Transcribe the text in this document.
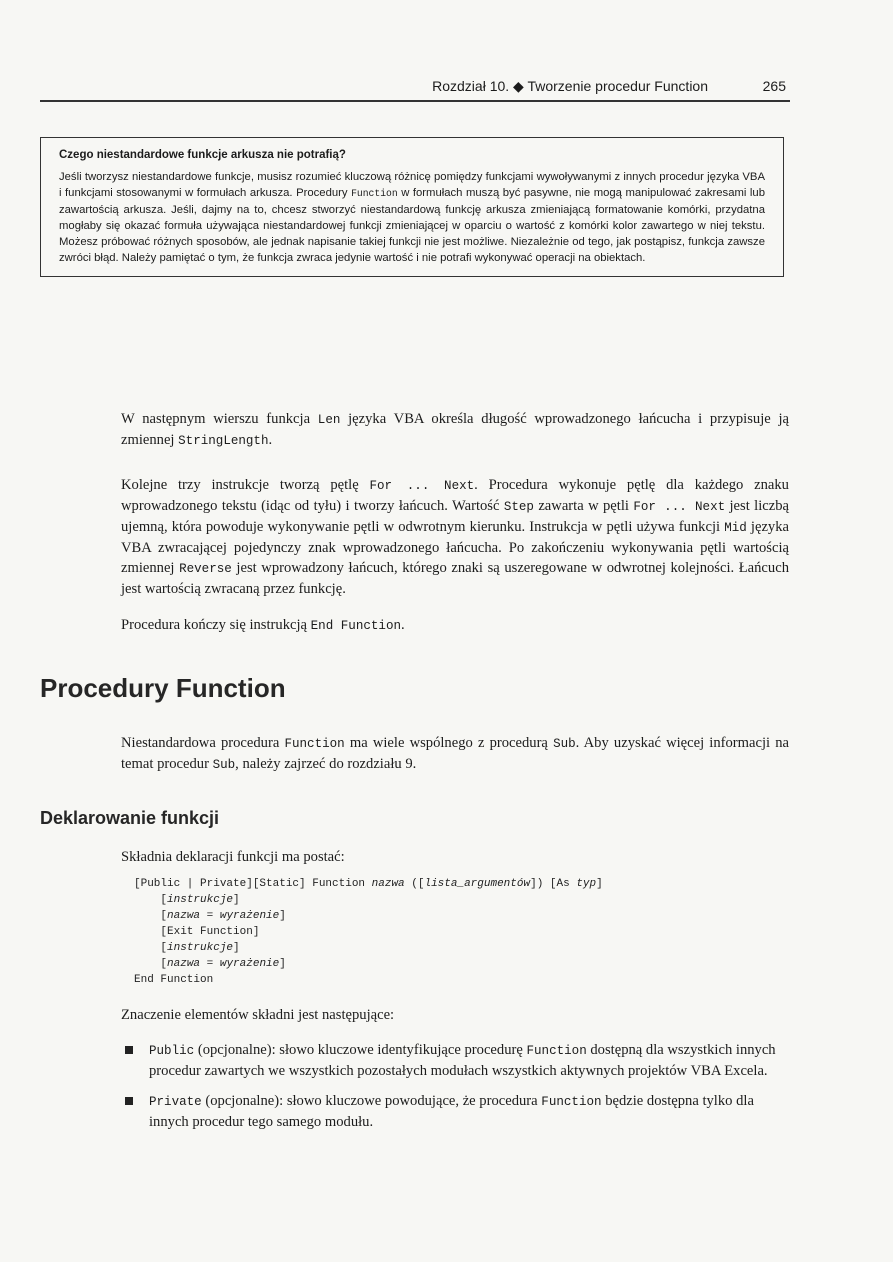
Rozdział 10. ◆ Tworzenie procedur Function	265
Czego niestandardowe funkcje arkusza nie potrafią?

Jeśli tworzysz niestandardowe funkcje, musisz rozumieć kluczową różnicę pomiędzy funkcjami wywoływanymi z innych procedur języka VBA i funkcjami stosowanymi w formułach arkusza. Procedury Function w formułach muszą być pasywne, nie mogą manipulować zakresami lub zawartością arkusza. Jeśli, dajmy na to, chcesz stworzyć niestandardową funkcję arkusza zmieniającą formatowanie komórki, przydatna mogłaby się okazać formuła używająca niestandardowej funkcji zmieniającej w oparciu o wartość z komórki kolor zawartego w niej tekstu. Możesz próbować różnych sposobów, ale jednak napisanie takiej funkcji nie jest możliwe. Niezależnie od tego, jak postąpisz, funkcja zawsze zwróci błąd. Należy pamiętać o tym, że funkcja zwraca jedynie wartość i nie potrafi wykonywać operacji na obiektach.

W następnym wierszu funkcja Len języka VBA określa długość wprowadzonego łańcucha i przypisuje ją zmiennej StringLength.

Kolejne trzy instrukcje tworzą pętlę For ... Next. Procedura wykonuje pętlę dla każdego znaku wprowadzonego tekstu (idąc od tyłu) i tworzy łańcuch. Wartość Step zawarta w pętli For ... Next jest liczbą ujemną, która powoduje wykonywanie pętli w odwrotnym kierunku. Instrukcja w pętli używa funkcji Mid języka VBA zwracającej pojedynczy znak wprowadzonego łańcucha. Po zakończeniu wykonywania pętli wartością zmiennej Reverse jest wprowadzony łańcuch, którego znaki są uszeregowane w odwrotnej kolejności. Łańcuch jest wartością zwracaną przez funkcję.

Procedura kończy się instrukcją End Function.

Procedury Function

Niestandardowa procedura Function ma wiele wspólnego z procedurą Sub. Aby uzyskać więcej informacji na temat procedur Sub, należy zajrzeć do rozdziału 9.

Deklarowanie funkcji

Składnia deklaracji funkcji ma postać:

[Public | Private][Static] Function nazwa ([lista_argumentów]) [As typ]
[instrukcje]
[nazwa = wyrażenie]
[Exit Function]
[instrukcje]
[nazwa = wyrażenie]
End Function

Znaczenie elementów składni jest następujące:

Public (opcjonalne): słowo kluczowe identyfikujące procedurę Function dostępną dla wszystkich innych procedur zawartych we wszystkich pozostałych modułach wszystkich aktywnych projektów VBA Excela.
Private (opcjonalne): słowo kluczowe powodujące, że procedura Function będzie dostępna tylko dla innych procedur tego samego modułu.
